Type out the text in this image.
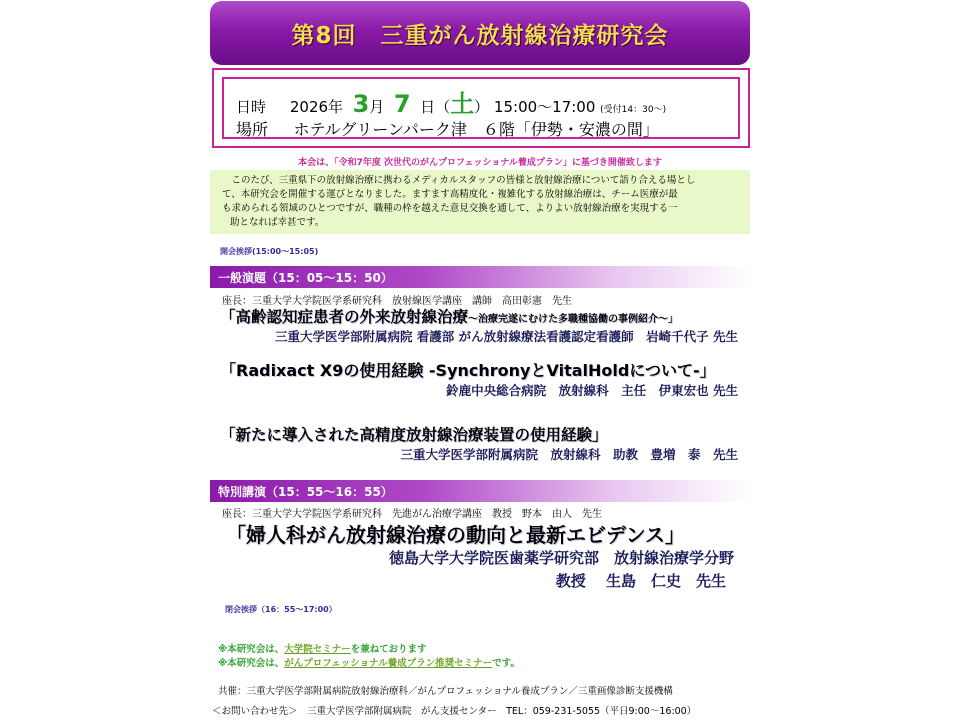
第8回　三重がん放射線治療研究会
日時 2026年 3月 7 日（土） 15:00～17:00 (受付14：30～)
場所 ホテルグリーンパーク津　６階「伊勢・安濃の間」
本会は、「令和7年度 次世代のがんプロフェッショナル養成プラン」に基づき開催致します
　このたび、三重県下の放射線治療に携わるメディカルスタッフの皆様と放射線治療について語り合える場とし
て、本研究会を開催する運びとなりました。ますます高精度化・複雑化する放射線治療は、チーム医療が最
も求められる領域のひとつですが、職種の枠を越えた意見交換を通して、よりよい放射線治療を実現する一
助となれば幸甚です。
開会挨拶(15:00～15:05)
一般演題（15：05～15：50）
座長：三重大学大学院医学系研究科　放射線医学講座　講師　高田彰憲　先生
「高齢認知症患者の外来放射線治療～治療完遂にむけた多職種協働の事例紹介～」
三重大学医学部附属病院 看護部 がん放射線療法看護認定看護師　岩崎千代子 先生
「Radixact X9の使用経験 -SynchronyとVitalHoldについて-」
鈴鹿中央総合病院　放射線科　主任　伊東宏也 先生
「新たに導入された高精度放射線治療装置の使用経験」
三重大学医学部附属病院　放射線科　助教　豊増　泰　先生
特別講演（15：55～16：55）
座長：三重大学大学院医学系研究科　先進がん治療学講座　教授　野本　由人　先生
「婦人科がん放射線治療の動向と最新エビデンス」
徳島大学大学院医歯薬学研究部　放射線治療学分野
教授　 生島　仁史　先生
閉会挨拶（16：55～17:00）
※本研究会は、大学院セミナーを兼ねております
※本研究会は、がんプロフェッショナル養成プラン推奨セミナーです。
共催：三重大学医学部附属病院放射線治療科／がんプロフェッショナル養成プラン／三重画像診断支援機構
＜お問い合わせ先＞　三重大学医学部附属病院　がん支援センター　TEL：059-231-5055（平日9:00～16:00）
